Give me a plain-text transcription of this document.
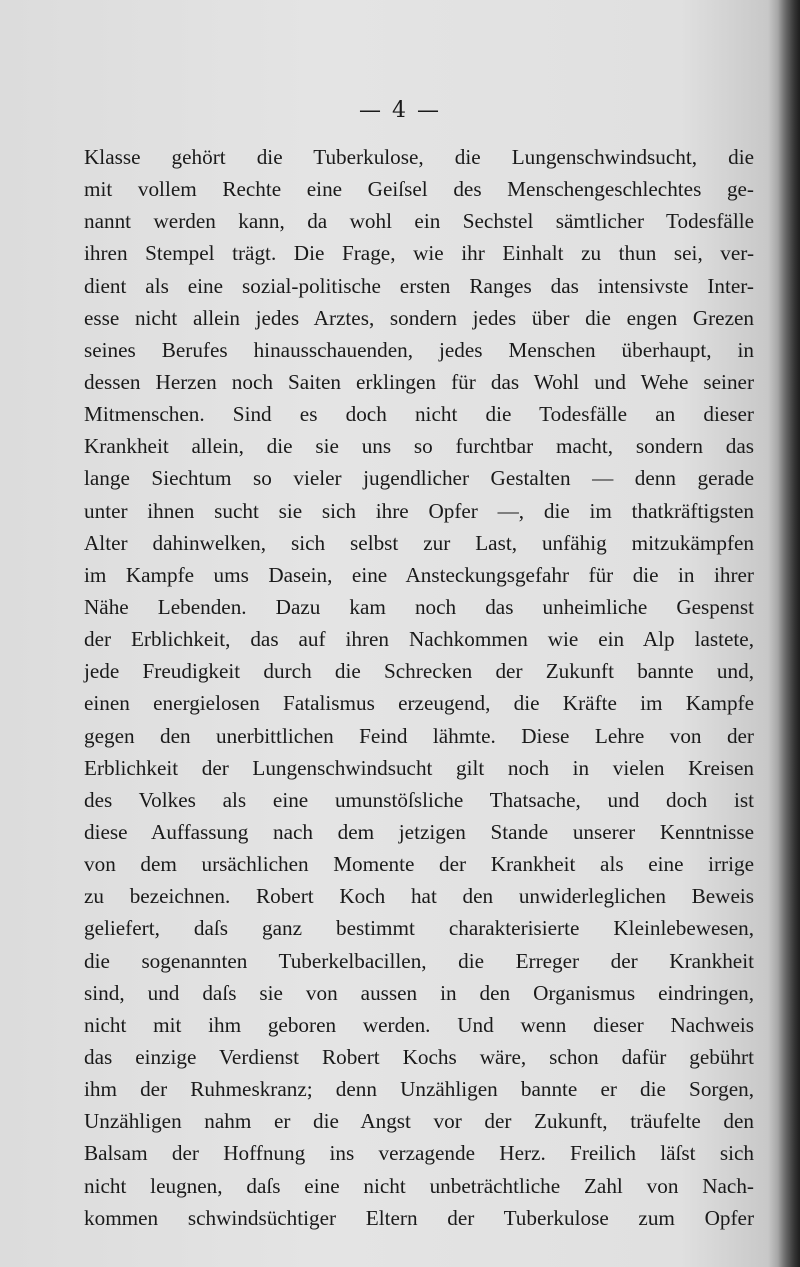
— 4 —
Klasse gehört die Tuberkulose, die Lungenschwindsucht, die
mit vollem Rechte eine Geiſsel des Menschengeschlechtes ge-
nannt werden kann, da wohl ein Sechstel sämtlicher Todesfälle
ihren Stempel trägt. Die Frage, wie ihr Einhalt zu thun sei, ver-
dient als eine sozial-politische ersten Ranges das intensivste Inter-
esse nicht allein jedes Arztes, sondern jedes über die engen Grezen
seines Berufes hinausschauenden, jedes Menschen überhaupt, in
dessen Herzen noch Saiten erklingen für das Wohl und Wehe seiner
Mitmenschen. Sind es doch nicht die Todesfälle an dieser
Krankheit allein, die sie uns so furchtbar macht, sondern das
lange Siechtum so vieler jugendlicher Gestalten — denn gerade
unter ihnen sucht sie sich ihre Opfer —, die im thatkräftigsten
Alter dahinwelken, sich selbst zur Last, unfähig mitzukämpfen
im Kampfe ums Dasein, eine Ansteckungsgefahr für die in ihrer
Nähe Lebenden. Dazu kam noch das unheimliche Gespenst
der Erblichkeit, das auf ihren Nachkommen wie ein Alp lastete,
jede Freudigkeit durch die Schrecken der Zukunft bannte und,
einen energielosen Fatalismus erzeugend, die Kräfte im Kampfe
gegen den unerbittlichen Feind lähmte. Diese Lehre von der
Erblichkeit der Lungenschwindsucht gilt noch in vielen Kreisen
des Volkes als eine umunstöſsliche Thatsache, und doch ist
diese Auffassung nach dem jetzigen Stande unserer Kenntnisse
von dem ursächlichen Momente der Krankheit als eine irrige
zu bezeichnen. Robert Koch hat den unwiderleglichen Beweis
geliefert, daſs ganz bestimmt charakterisierte Kleinlebewesen,
die sogenannten Tuberkelbacillen, die Erreger der Krankheit
sind, und daſs sie von aussen in den Organismus eindringen,
nicht mit ihm geboren werden. Und wenn dieser Nachweis
das einzige Verdienst Robert Kochs wäre, schon dafür gebührt
ihm der Ruhmeskranz; denn Unzähligen bannte er die Sorgen,
Unzähligen nahm er die Angst vor der Zukunft, träufelte den
Balsam der Hoffnung ins verzagende Herz. Freilich läſst sich
nicht leugnen, daſs eine nicht unbeträchtliche Zahl von Nach-
kommen schwindsüchtiger Eltern der Tuberkulose zum Opfer
